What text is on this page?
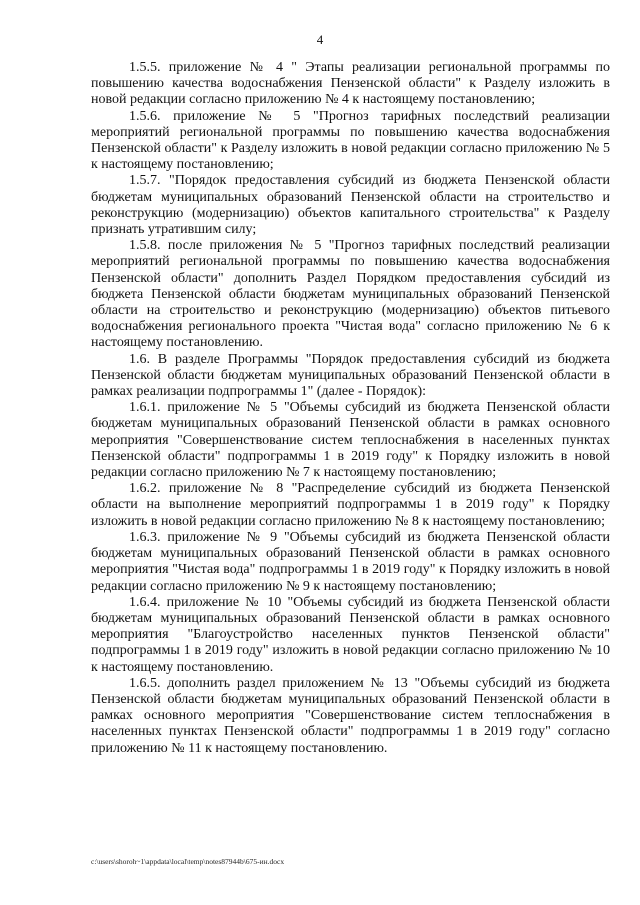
4

1.5.5. приложение № 4 " Этапы реализации региональной программы по повышению качества водоснабжения Пензенской области" к Разделу изложить в новой редакции согласно приложению № 4 к настоящему постановлению;

1.5.6. приложение № 5 "Прогноз тарифных последствий реализации мероприятий региональной программы по повышению качества водоснабжения Пензенской области" к Разделу изложить в новой редакции согласно приложению № 5 к настоящему постановлению;

1.5.7. "Порядок предоставления субсидий из бюджета Пензенской области бюджетам муниципальных образований Пензенской области на строительство и реконструкцию (модернизацию) объектов капитального строительства" к Разделу признать утратившим силу;

1.5.8. после приложения № 5 "Прогноз тарифных последствий реализации мероприятий региональной программы по повышению качества водоснабжения Пензенской области" дополнить Раздел Порядком предоставления субсидий из бюджета Пензенской области бюджетам муниципальных образований Пензенской области на строительство и реконструкцию (модернизацию) объектов питьевого водоснабжения регионального проекта "Чистая вода" согласно приложению № 6 к настоящему постановлению.

1.6. В разделе Программы "Порядок предоставления субсидий из бюджета Пензенской области бюджетам муниципальных образований Пензенской области в рамках реализации подпрограммы 1" (далее - Порядок):

1.6.1. приложение № 5 "Объемы субсидий из бюджета Пензенской области бюджетам муниципальных образований Пензенской области в рамках основного мероприятия "Совершенствование систем теплоснабжения в населенных пунктах Пензенской области" подпрограммы 1 в 2019 году" к Порядку изложить в новой редакции согласно приложению № 7 к настоящему постановлению;

1.6.2. приложение № 8 "Распределение субсидий из бюджета Пензенской области на выполнение мероприятий подпрограммы 1 в 2019 году" к Порядку изложить в новой редакции согласно приложению № 8 к настоящему постановлению;

1.6.3. приложение № 9 "Объемы субсидий из бюджета Пензенской области бюджетам муниципальных образований Пензенской области в рамках основного мероприятия "Чистая вода" подпрограммы 1 в 2019 году" к Порядку изложить в новой редакции согласно приложению № 9 к настоящему постановлению;

1.6.4. приложение № 10 "Объемы субсидий из бюджета Пензенской области бюджетам муниципальных образований Пензенской области в рамках основного мероприятия "Благоустройство населенных пунктов Пензенской области" подпрограммы 1 в 2019 году" изложить в новой редакции согласно приложению № 10 к настоящему постановлению.

1.6.5. дополнить раздел приложением № 13 "Объемы субсидий из бюджета Пензенской области бюджетам муниципальных образований Пензенской области в рамках основного мероприятия "Совершенствование систем теплоснабжения в населенных пунктах Пензенской области" подпрограммы 1 в 2019 году" согласно приложению № 11 к настоящему постановлению.

c:\users\shoroh~1\appdata\local\temp\notes87944b\675-ин.docx
